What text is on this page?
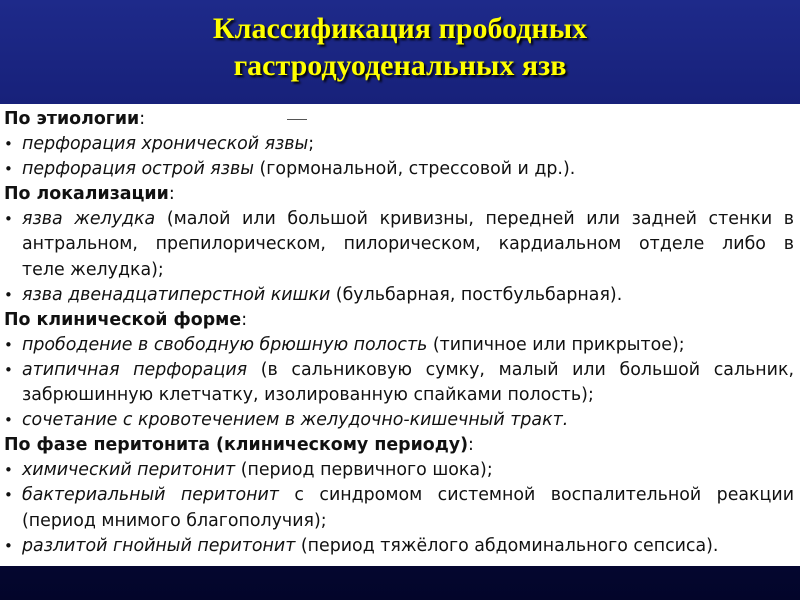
Классификация прободных
гастродуоденальных язв
По этиологии:
• перфорация хронической язвы;
• перфорация острой язвы (гормональной, стрессовой и др.).
По локализации:
• язва желудка (малой или большой кривизны, передней или задней стенки в
антральном, препилорическом, пилорическом, кардиальном отделе либо в
теле желудка);
• язва двенадцатиперстной кишки (бульбарная, постбульбарная).
По клинической форме:
• прободение в свободную брюшную полость (типичное или прикрытое);
• атипичная перфорация (в сальниковую сумку, малый или большой сальник,
забрюшинную клетчатку, изолированную спайками полость);
• сочетание с кровотечением в желудочно-кишечный тракт.
По фазе перитонита (клиническому периоду):
• химический перитонит (период первичного шока);
• бактериальный перитонит с синдромом системной воспалительной реакции
(период мнимого благополучия);
• разлитой гнойный перитонит (период тяжёлого абдоминального сепсиса).
